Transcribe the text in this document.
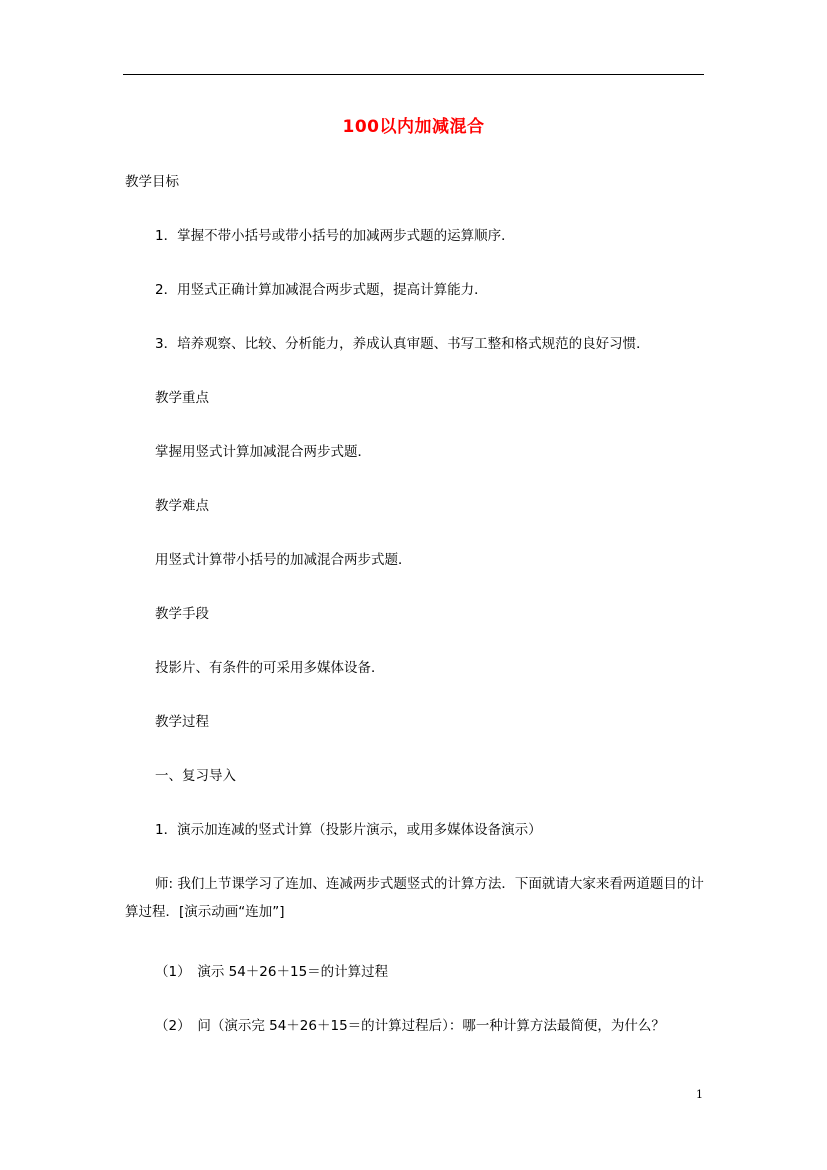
100以内加减混合
教学目标
1．掌握不带小括号或带小括号的加减两步式题的运算顺序．
2．用竖式正确计算加减混合两步式题，提高计算能力．
3．培养观察、比较、分析能力，养成认真审题、书写工整和格式规范的良好习惯．
教学重点
掌握用竖式计算加减混合两步式题．
教学难点
用竖式计算带小括号的加减混合两步式题．
教学手段
投影片、有条件的可采用多媒体设备．
教学过程
一、复习导入
1．演示加连减的竖式计算（投影片演示，或用多媒体设备演示）
师: 我们上节课学习了连加、连减两步式题竖式的计算方法．下面就请大家来看两道题目的计算过程．[演示动画“连加”]
（1）　演示 54＋26＋15＝的计算过程
（2）　问（演示完 54＋26＋15＝的计算过程后）：哪一种计算方法最简便，为什么？
1
